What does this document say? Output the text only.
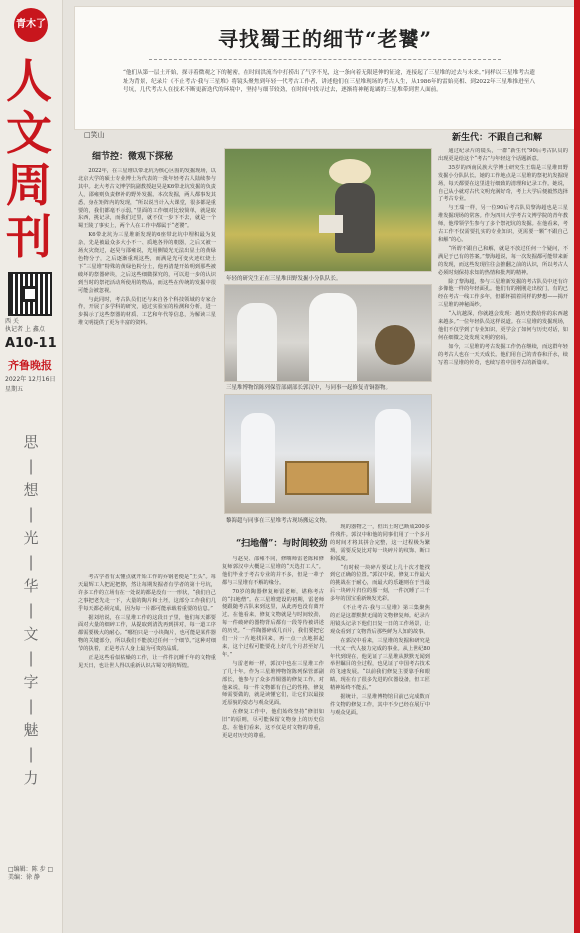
青木了
人
文
周
刊
西 关
执记者 上 鑫点
A10-11
齐鲁晚报
2022年 12月16日
星期五
思
|
想
|
光
|
华
|
文
|
字
|
魅
|
力
□编辑：陈 步 □美编：徐 静
寻找蜀王的细节“老饕”
“他们从第一层土开始，探寻着微观之下的秘密，在时间洪流当中打捞出了气学不见，这一条向着无限延伸的征途，连接起了三星堆的过去与未来。”同样以三星堆考古遗址为背景，纪录片《不止考古·我与三星堆》将镜头聚焦到年轻一代考古工作者，讲述他们在三星堆现场的考古人生，从1986年的雷始亮相、到2022年三星堆推进至八号坑，几代考古人在技术不断更新迭代的环境中，坚持与细节较劲，在时间中找寻过去，逐渐将神秘诡谲的三星堆带到世人面前。
□笑山
细节控：微观下探秘

2022年，在三星堆以带北坑为核心区围的发掘现场，以北京大学的硕士专业博士为代表的一批年轻考古人陆续参与其中。北大考古文博学院副教授赵昊是K6带北坑发掘的负责人，邵雍则负责修补的野外发掘。本次发掘，两人都事发其悉，身在矩阵内的发现，“所以说当计入大课堂，很多都是重要的，我们都毫不示弱，”里面的工作细对比较简单，就是取东西，挑记录，而我们过里，就不仅一步下不去，就是一个蜀王陵了事实上，两个人在工作中都属于“老饕”。

K6带北坑为三星堆新发现的6座带北坑中埋积最为复杂，先是被最众多大小不一、质地各异的朝器，之后又被一场火灾烧过，赵昊与邵雍说，光用侧镜光无法出显土的黄绿色物分子，之后逐渐重现这些，而满是光可变火迹红烧土下“三星堆”特殊的黄绿色粉分土，他再清楚开始明到那些被破坏的祭器碎块，之后这些细微探究的，可以进一步的认识到当时的祭祀活动所使用的物品，而这些在传统的发掘中很可能会被忽视。

与此同时，考古队员们还与来自各个科技领域的专家合作，开展了多学科的研究，通过实验室的检测和分析，进一步揭示了这些祭器的材质、工艺和年代等信息，为解读三星堆文明提供了更为丰富的资料。

考古学者有太懂点就开始工作的乔钢老便是“王头”。每天最辉工人把泥把擦，然让每期发掘者有学者的第十号坑，许多工作的立场有在一处说的都是没有一一形状，“我们自己之事把老先走一下，大量的陶片和土坯，这部分工作我们几乎每天都必须完成，因为每一片都可能承载着重要的信息。”

据刘培说，在三星堆工作的这段日子里，他们每天都要面对大量的细碎工作，从提取到清洗再到拼对，每一道工序都需要极大的耐心。“哪怕只是一小块陶片，也可能是某件器物的关键部分，所以我们不能放过任何一个细节。”这种对细节的执着，正是考古人身上最为可贵的品质。

正是这些看似枯燥的工作，让一件件沉睡千年的文物重见天日，也让世人得以重新认识古蜀文明的辉煌。

年轻的研究生正在三星堆田野发掘小分队队长。
三星堆博物馆陈列保管部副部长郭汉中，与同事一起修复青铜器物。
黎海超与同事在三星堆考古现场搬运文物。
“扫地僧”：与时间较劲

与赵昊、邵雍不同，修嗨师雷老陈和修复师郭汉中大概是三星堆的“天选打工人”。他们毕业于考古专业的并不多，但是一辈子都与三星堆有不解的缘分。

70岁的陶器修复师雷老师，堪称考古的“扫地僧”。在三星堆建设的初期，雷老师便跟随考古队来到这里，从此再也没有离开过。在他看来，修复文物就是与时间较劲，每一件破碎的器物背后都有一段等待被讲述的历史。“一件陶器碎成几百片，我们要把它们一片一片地找回来，再一点一点地拼起来，这个过程可能要花上好几个月甚至好几年。”

与雷老师一样，郭汉中也在三星堆工作了几十年。作为三星堆博物馆陈列保管部副部长，他参与了众多青铜器的修复工作。对他来说，每一件文物都有自己的性格，修复师需要做的，就是读懂它们，让它们以最接近原貌的姿态与观众见面。

在修复工作中，他们始终坚持“修旧如旧”的原则，尽可能保留文物身上的历史信息。在他们看来，这不仅是对文物的尊重，更是对历史的尊重。

现的器物之一，但出土时已断成200多件残件。郭汉中和他的同事们用了一个多月的时间才将其拼合完整，这一过程极为繁琐，需要反复比对每一块碎片的纹饰、断口和弧度。

“有时候一块碎片要试上几十次才能找到它正确的位置。”郭汉中说，修复工作最大的挑战在于耐心，而最大的乐趣则在于当最后一块碎片归位的那一刻，一件沉睡了三千多年的国宝重新焕发光彩。

《不止考古·我与三星堆》第三集聚焦的正是这群默默无闻的文物修复师。纪录片用镜头记录下他们日复一日的工作场景，让观众看到了文物背后那些鲜为人知的故事。

在郭汉中看来，三星堆的发掘和研究是一代又一代人接力完成的事业。从上世纪80年代到现在，他见证了三星堆从默默无闻到举世瞩目的全过程，也见证了中国考古技术的飞速发展。“以前我们修复主要靠手和眼睛，现在有了很多先进的仪器设备，但工匠精神始终不能丢。”

据统计，三星堆博物馆目前已完成数百件文物的修复工作，其中不少已经在展厅中与观众见面。

新生代：不跟自己和解

通过纪录片的镜头，一群“新生代”90后考古队员的出现更是给这个“考古”与年轻这个话题新意。

35岁的西南民族大学博士研究生王瑞是三星堆田野发掘小分队队长。她的工作地点是三星堆的祭祀坑发掘现场，每天都要在这里进行细致的清理和记录工作。她说，自己从小就对古代文明充满好奇，考上大学后便毅然选择了考古专业。

与王瑞一样，另一位90后考古队员黎海超也是三星堆发掘现场的常客。作为四川大学考古文博学院的青年教师，他带领学生参与了多个祭祀坑的发掘。在他看来，考古工作不仅需要扎实的专业知识，更需要一颗“不跟自己和解”的心。

“所谓不跟自己和解，就是不放过任何一个疑问，不满足于已有的答案。”黎海超说，每一次发掘都可能带来新的发现，而这些发现往往会推翻之前的认识，所以考古人必须时刻保持求知的热情和批判的精神。

除了黎海超，参与三星堆新发掘的考古队员中还有许多像他一样的年轻面孔。他们有的刚刚走出校门，有的已经在考古一线工作多年，但都怀揣着同样的梦想——揭开三星堆的神秘面纱。

“入坑越深，你就越会发现：越历史教给你的东西越来越多。”一位年轻队员这样说道。在三星堆的发掘现场，他们不仅学到了专业知识，更学会了如何与历史对话，如何在细微之处发现文明的密码。

如今，三星堆的考古发掘工作仍在继续，而这群年轻的考古人也在一天天成长。他们用自己的青春和汗水，续写着三星堆的传奇，也续写着中国考古的新篇章。
